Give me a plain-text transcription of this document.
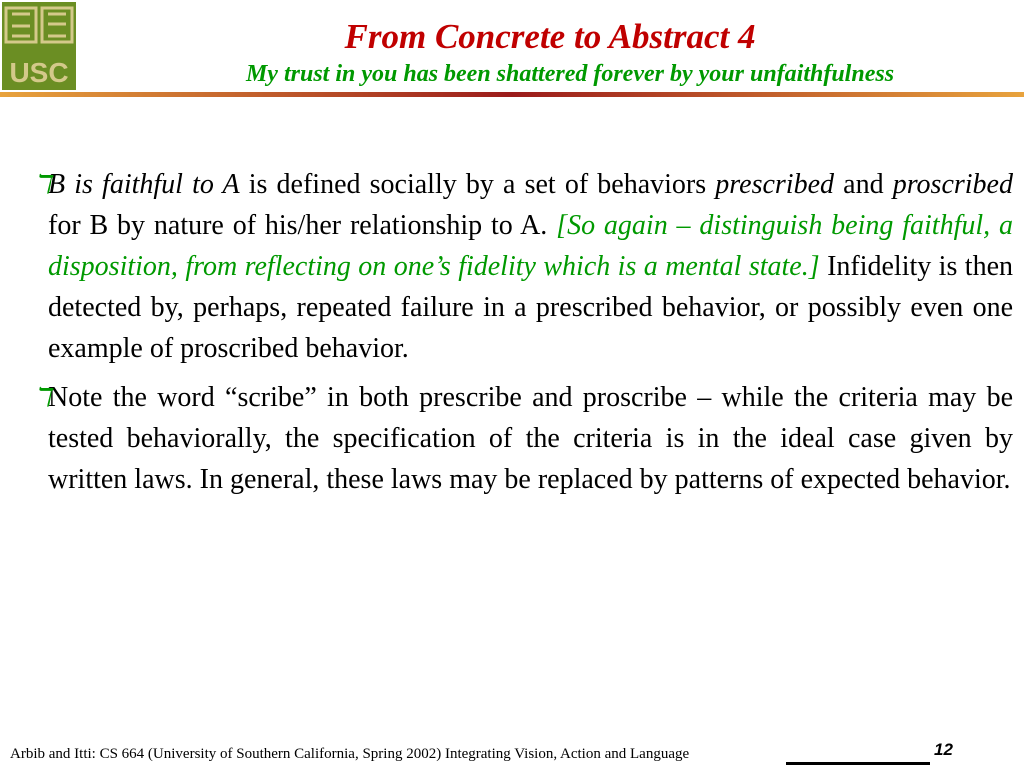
USC
From Concrete to Abstract 4
My trust in you has been shattered forever by your unfaithfulness

ℸ
B is faithful to A is defined socially by a set of behaviors prescribed and proscribed for B by nature of his/her relationship to A. [So again – distinguish being faithful, a disposition, from reflecting on one’s fidelity which is a mental state.] Infidelity is then detected by, perhaps, repeated failure in a prescribed behavior, or possibly even one example of proscribed behavior.

ℸ
Note the word “scribe” in both prescribe and proscribe – while the criteria may be tested behaviorally, the specification of the criteria is in the ideal case given by written laws. In general, these laws may be replaced by patterns of expected behavior.

Arbib and Itti: CS 664 (University of Southern California, Spring 2002) Integrating Vision, Action and Language	12
